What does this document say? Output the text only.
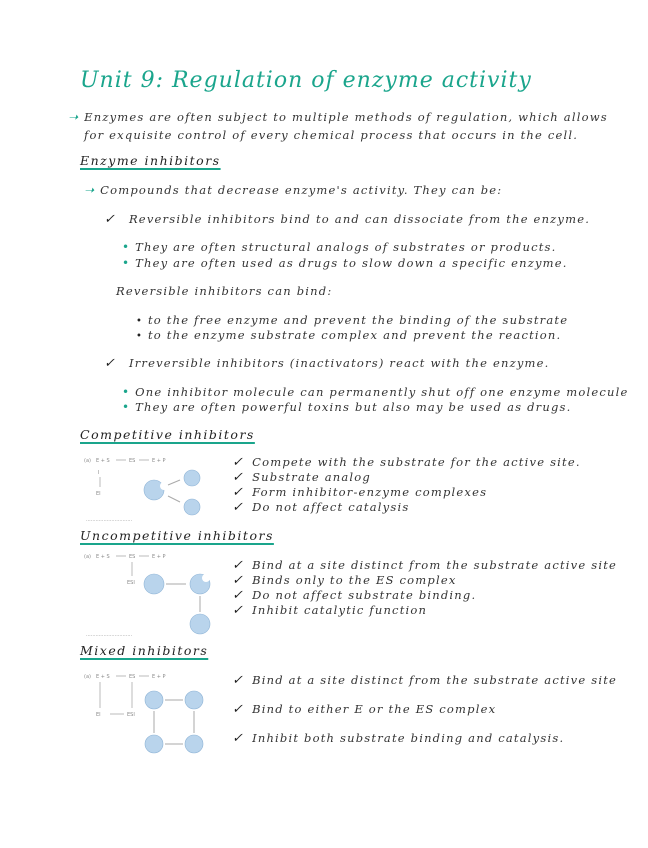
Unit 9: Regulation of enzyme activity
➝ Enzymes are often subject to multiple methods of regulation, which allows
for exquisite control of every chemical process that occurs in the cell.
Enzyme inhibitors
➝ Compounds that decrease enzyme's activity. They can be:
✓ Reversible inhibitors bind to and can dissociate from the enzyme.
• They are often structural analogs of substrates or products.
• They are often used as drugs to slow down a specific enzyme.
Reversible inhibitors can bind:
• to the free enzyme and prevent the binding of the substrate
• to the enzyme substrate complex and prevent the reaction.
✓ Irreversible inhibitors (inactivators) react with the enzyme.
• One inhibitor molecule can permanently shut off one enzyme molecule
• They are often powerful toxins but also may be used as drugs.
Competitive inhibitors
(a) E + S	ES	E + P
I
EI
·····························
✓ Compete with the substrate for the active site.
✓ Substrate analog
✓ Form inhibitor-enzyme complexes
✓ Do not affect catalysis
Uncompetitive inhibitors
(a) E + S	ES	E + P
ESI
·····························
✓ Bind at a site distinct from the substrate active site
✓ Binds only to the ES complex
✓ Do not affect substrate binding.
✓ Inhibit catalytic function
Mixed inhibitors
(a) E + S	ES	E + P
EI	ESI
✓ Bind at a site distinct from the substrate active site
✓ Bind to either E or the ES complex
✓ Inhibit both substrate binding and catalysis.
